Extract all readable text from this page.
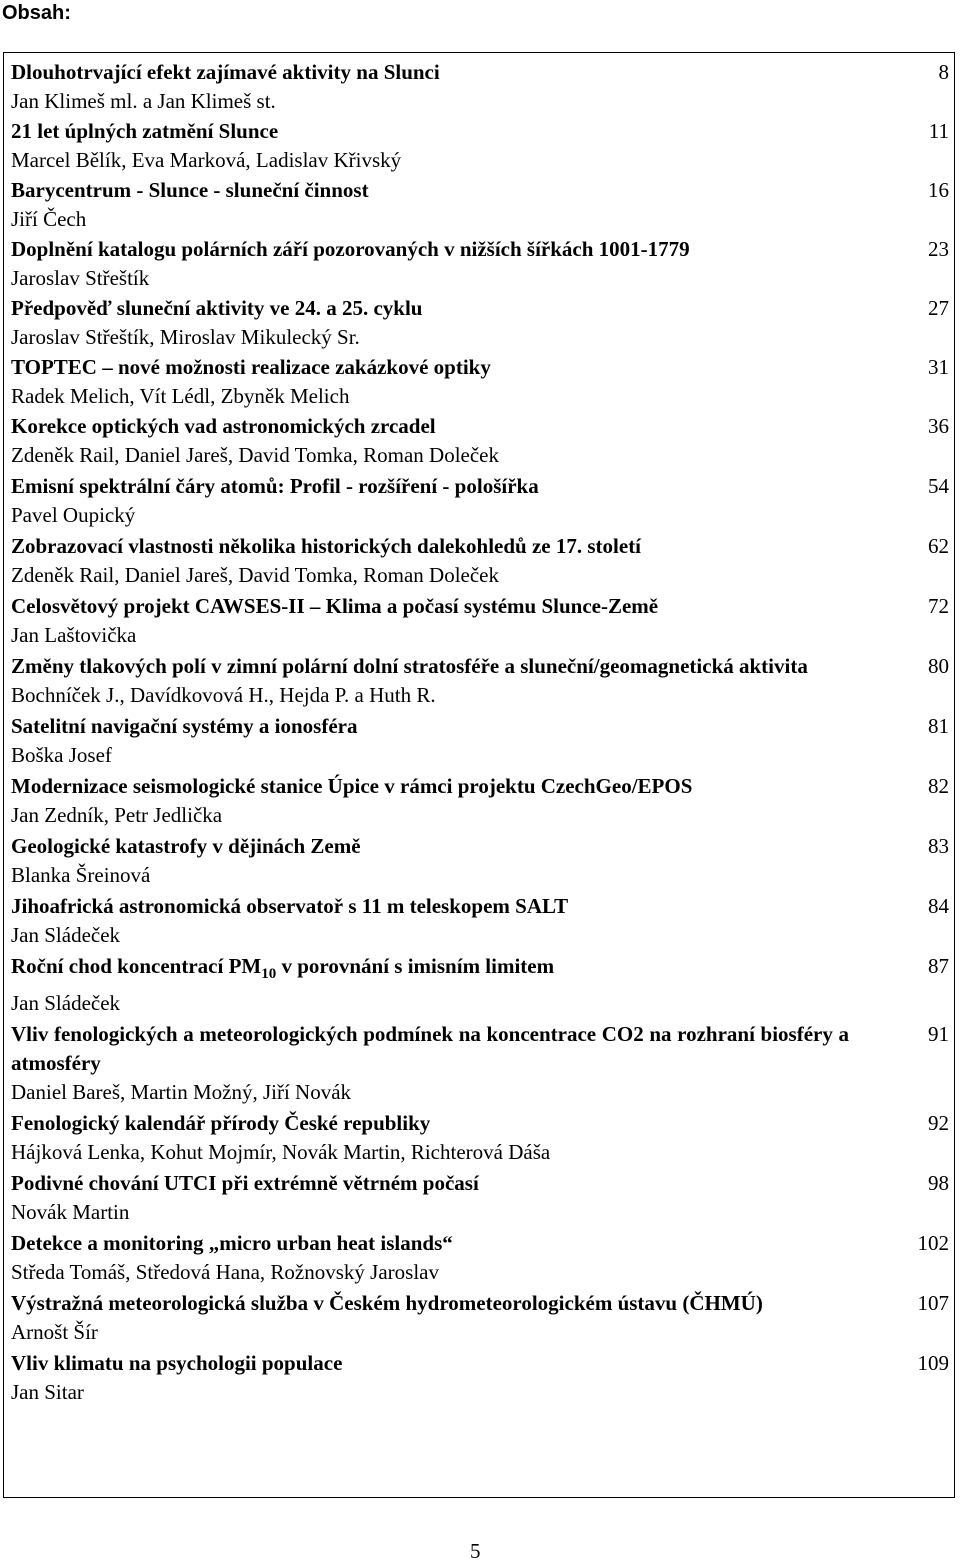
Obsah:
Dlouhotrvající efekt zajímavé aktivity na Slunci
Jan Klimeš ml. a Jan Klimeš st.
8
21 let úplných zatmění Slunce
Marcel Bělík, Eva Marková, Ladislav Křivský
11
Barycentrum - Slunce - sluneční činnost
Jiří Čech
16
Doplnění katalogu polárních září pozorovaných v nižších šířkách 1001-1779
Jaroslav Střeštík
23
Předpověď sluneční aktivity ve 24. a 25. cyklu
Jaroslav Střeštík, Miroslav Mikulecký Sr.
27
TOPTEC – nové možnosti realizace zakázkové optiky
Radek Melich, Vít Lédl, Zbyněk Melich
31
Korekce optických vad astronomických zrcadel
Zdeněk Rail, Daniel Jareš, David Tomka, Roman Doleček
36
Emisní spektrální čáry atomů: Profil - rozšíření - pološířka
Pavel Oupický
54
Zobrazovací vlastnosti několika historických dalekohledů ze 17. století
Zdeněk Rail, Daniel Jareš, David Tomka, Roman Doleček
62
Celosvětový projekt CAWSES-II – Klima a počasí systému Slunce-Země
Jan Laštovička
72
Změny tlakových polí v zimní polární dolní stratosféře a sluneční/geomagnetická aktivita
Bochníček J., Davídkovová H., Hejda P. a Huth R.
80
Satelitní navigační systémy a ionosféra
Boška Josef
81
Modernizace seismologické stanice Úpice v rámci projektu CzechGeo/EPOS
Jan Zedník, Petr Jedlička
82
Geologické katastrofy v dějinách Země
Blanka Šreinová
83
Jihoafrická astronomická observatoř s 11 m teleskopem SALT
Jan Sládeček
84
Roční chod koncentrací $PM_{10}$ v porovnání s imisním limitem
Jan Sládeček
87
Vliv fenologických a meteorologických podmínek na koncentrace CO2 na rozhraní biosféry a atmosféry
Daniel Bareš, Martin Možný, Jiří Novák
91
Fenologický kalendář přírody České republiky
Hájková Lenka, Kohut Mojmír, Novák Martin, Richterová Dáša
92
Podivné chování UTCI při extrémně větrném počasí
Novák Martin
98
Detekce a monitoring „micro urban heat islands“
Středa Tomáš, Středová Hana, Rožnovský Jaroslav
102
Výstražná meteorologická služba v Českém hydrometeorologickém ústavu (ČHMÚ)
Arnošt Šír
107
Vliv klimatu na psychologii populace
Jan Sitar
109
5
